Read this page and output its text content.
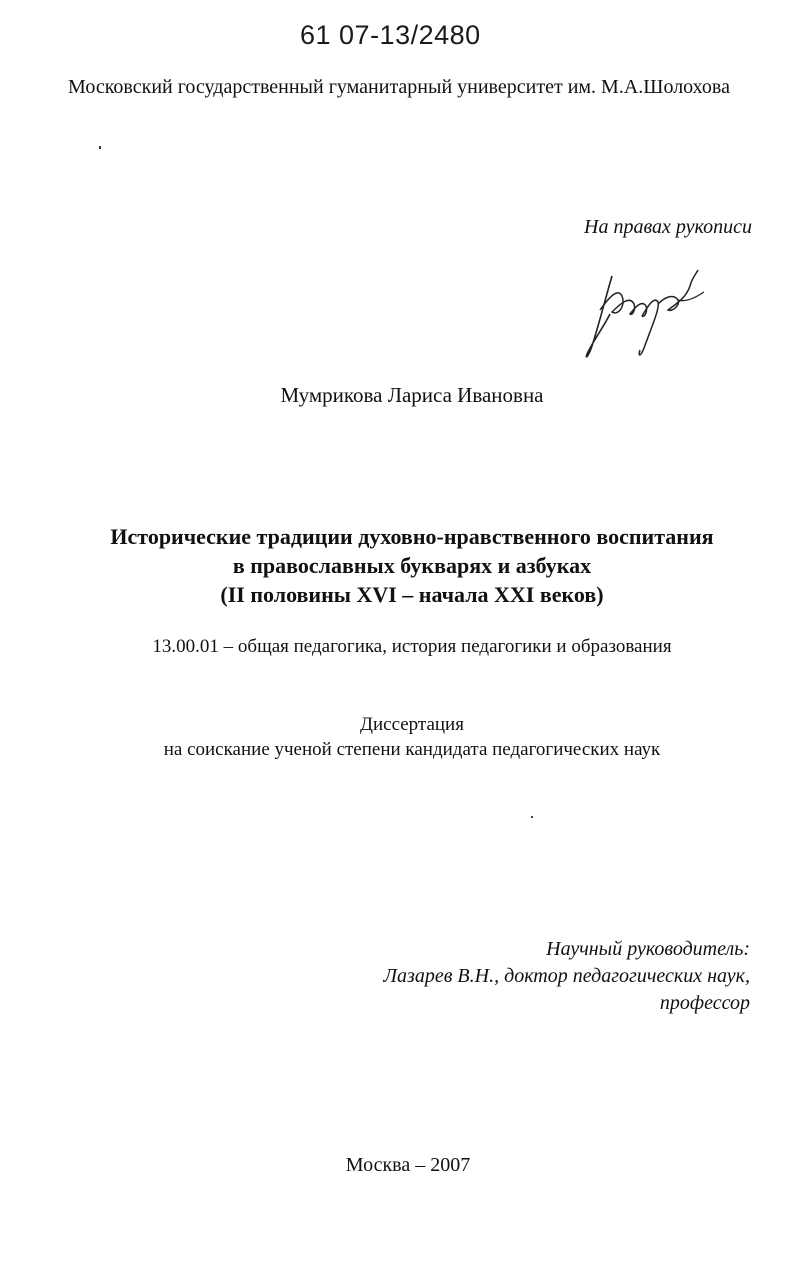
61 07-13/2480
Московский государственный гуманитарный университет им. М.А.Шолохова
На правах рукописи
Мумрикова Лариса Ивановна
Исторические традиции духовно-нравственного воспитания
в православных букварях и азбуках
(II половины XVI – начала XXI веков)
13.00.01 – общая педагогика, история педагогики и образования
Диссертация
на соискание ученой степени кандидата педагогических наук
Научный руководитель:
Лазарев В.Н., доктор педагогических наук,
профессор
Москва – 2007
